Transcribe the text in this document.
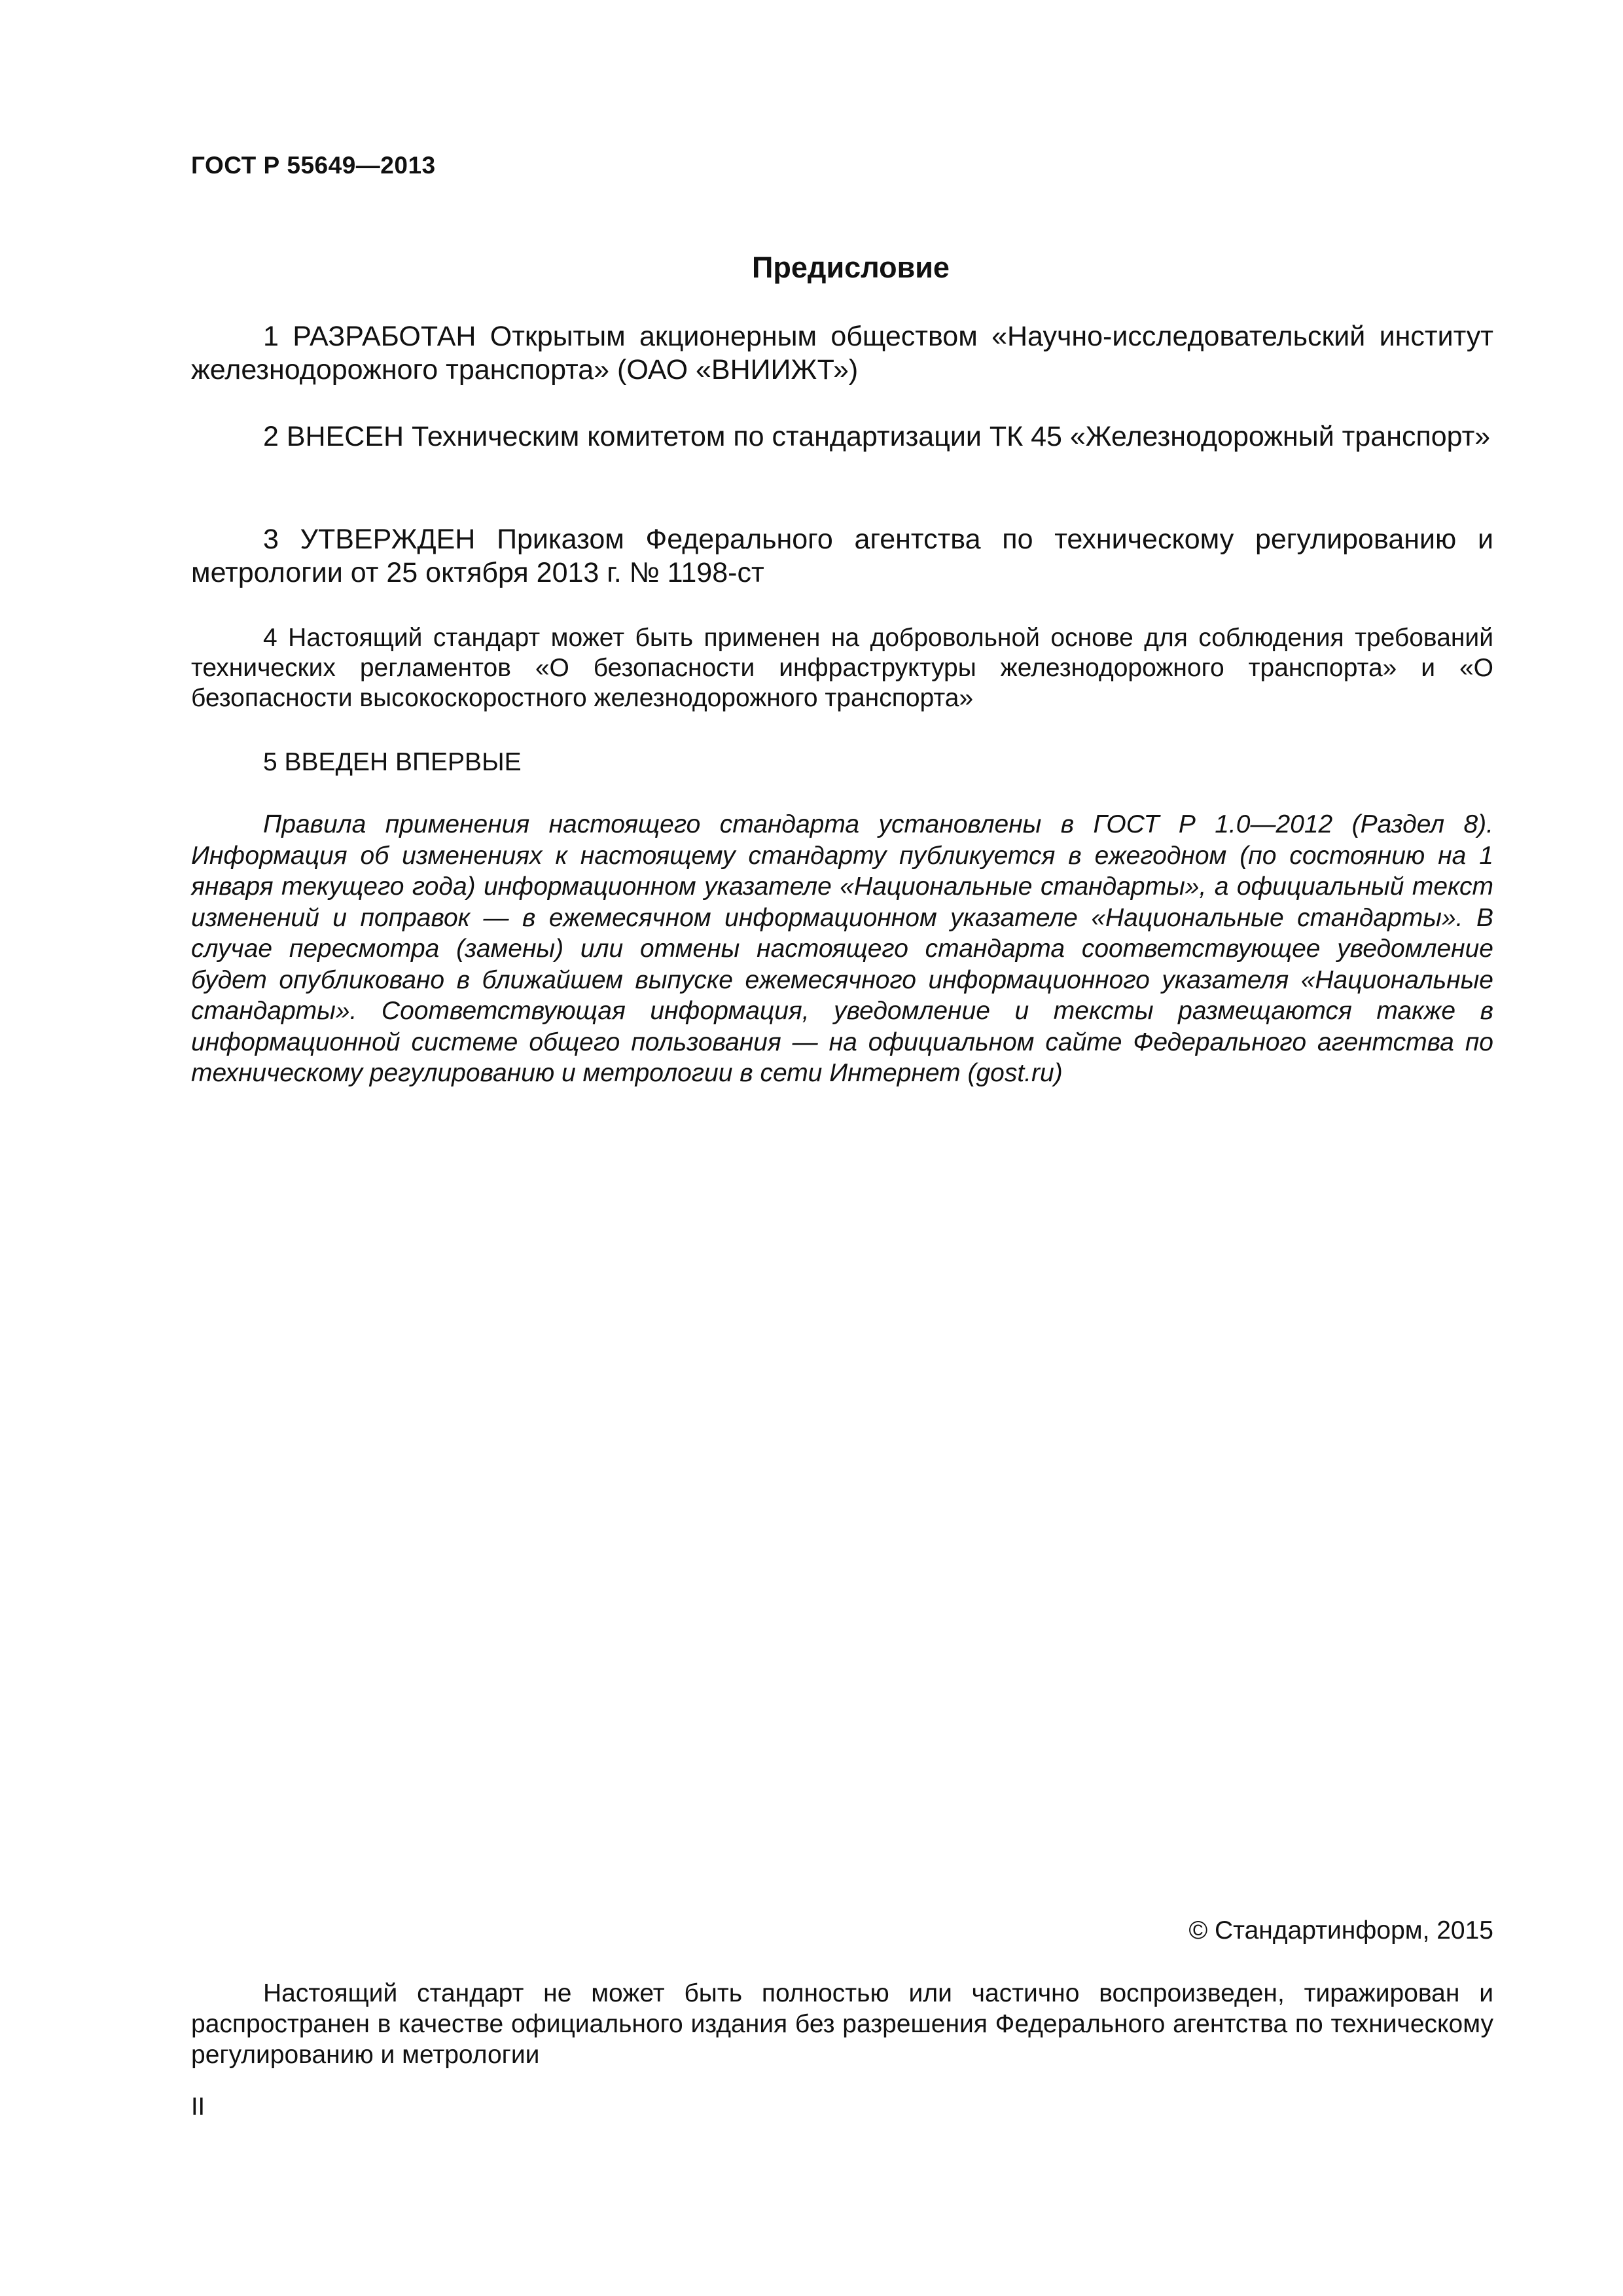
ГОСТ Р 55649—2013
Предисловие

1 РАЗРАБОТАН Открытым акционерным обществом «Научно-исследовательский институт железнодорожного транспорта» (ОАО «ВНИИЖТ»)

2 ВНЕСЕН Техническим комитетом по стандартизации ТК 45 «Железнодорожный транспорт»

3 УТВЕРЖДЕН Приказом Федерального агентства по техническому регулированию и метрологии от 25 октября 2013 г. № 1198-ст

4 Настоящий стандарт может быть применен на добровольной основе для соблюдения требований технических регламентов «О безопасности инфраструктуры железнодорожного транспорта» и «О безопасности высокоскоростного железнодорожного транспорта»

5 ВВЕДЕН ВПЕРВЫЕ

Правила применения настоящего стандарта установлены в ГОСТ Р 1.0—2012 (Раздел 8). Информация об изменениях к настоящему стандарту публикуется в ежегодном (по состоянию на 1 января текущего года) информационном указателе «Национальные стандарты», а официальный текст изменений и поправок — в ежемесячном информационном указателе «Национальные стандарты». В случае пересмотра (замены) или отмены настоящего стандарта соответствующее уведомление будет опубликовано в ближайшем выпуске ежемесячного информационного указателя «Национальные стандарты». Соответствующая информация, уведомление и тексты размещаются также в информационной системе общего пользования — на официальном сайте Федерального агентства по техническому регулированию и метрологии в сети Интернет (gost.ru)

© Стандартинформ, 2015

Настоящий стандарт не может быть полностью или частично воспроизведен, тиражирован и распространен в качестве официального издания без разрешения Федерального агентства по техническому регулированию и метрологии

II
